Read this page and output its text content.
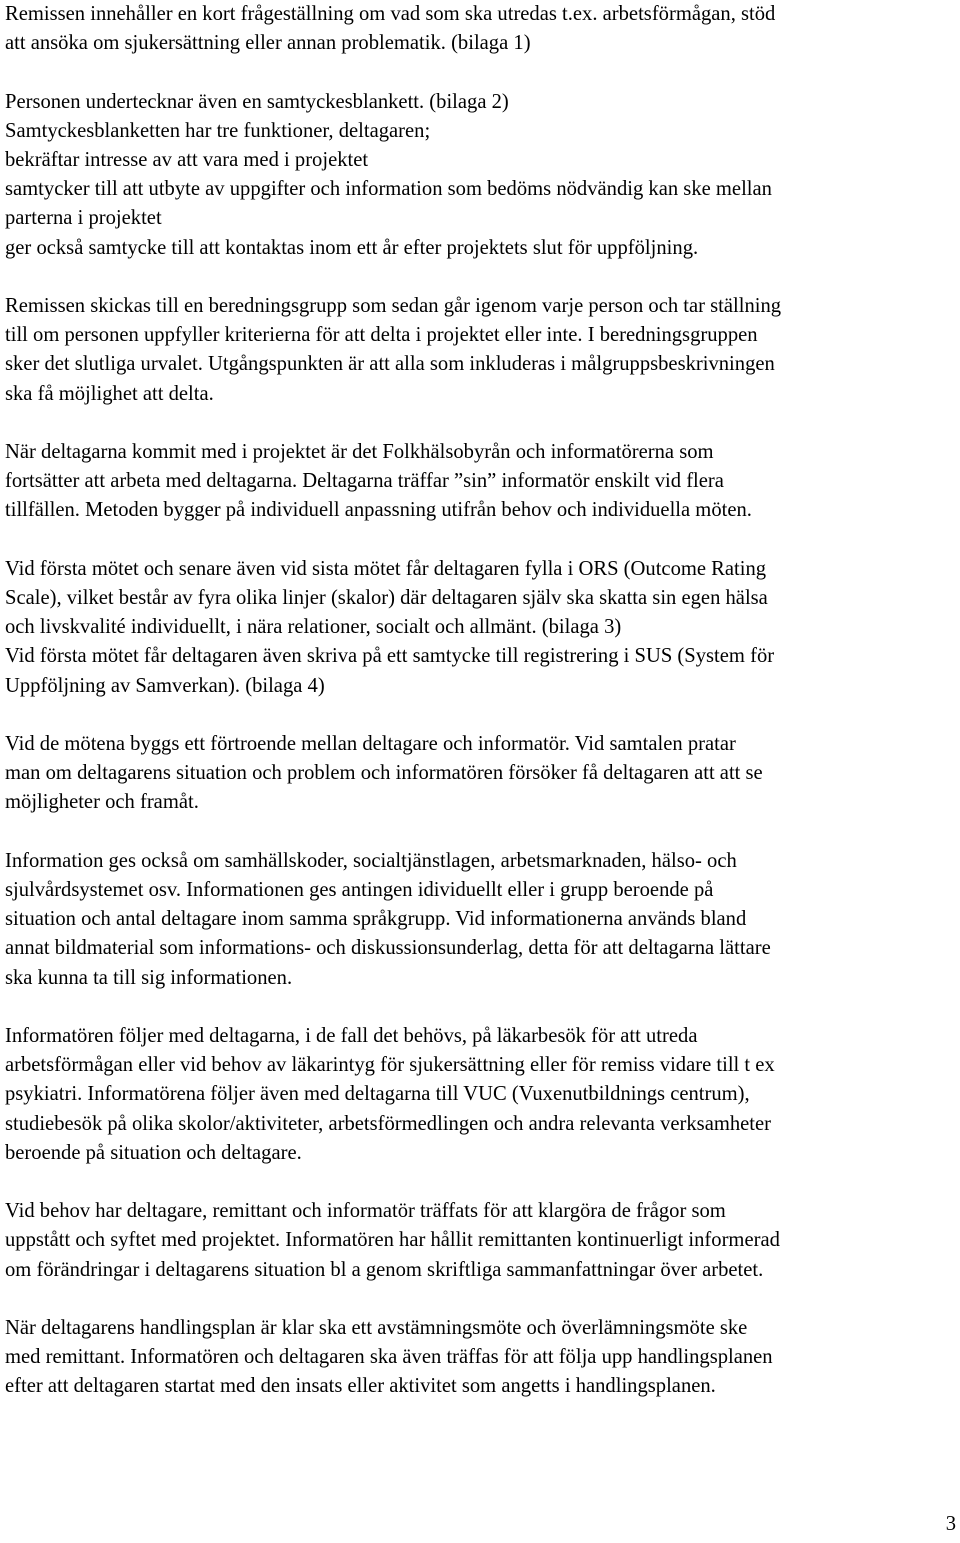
Remissen innehåller en kort frågeställning om vad som ska utredas t.ex. arbetsförmågan, stöd
att ansöka om sjukersättning eller annan problematik. (bilaga 1)
Personen undertecknar även en samtyckesblankett. (bilaga 2)
Samtyckesblanketten har tre funktioner, deltagaren;
bekräftar intresse av att vara med i projektet
samtycker till att utbyte av uppgifter och information som bedöms nödvändig kan ske mellan
parterna i projektet
ger också samtycke till att kontaktas inom ett år efter projektets slut för uppföljning.
Remissen skickas till en beredningsgrupp som sedan går igenom varje person och tar ställning
till om personen uppfyller kriterierna för att delta i projektet eller inte. I beredningsgruppen
sker det slutliga urvalet. Utgångspunkten är att alla som inkluderas i målgruppsbeskrivningen
ska få möjlighet att delta.
När deltagarna kommit med i projektet är det Folkhälsobyrån och informatörerna som
fortsätter att arbeta med deltagarna. Deltagarna träffar ”sin” informatör enskilt vid flera
tillfällen. Metoden bygger på individuell anpassning utifrån behov och individuella möten.
Vid första mötet och senare även vid sista mötet får deltagaren fylla i ORS (Outcome Rating
Scale), vilket består av fyra olika linjer (skalor) där deltagaren själv ska skatta sin egen hälsa
och livskvalité individuellt, i nära relationer, socialt och allmänt. (bilaga 3)
Vid första mötet får deltagaren även skriva på ett samtycke till registrering i SUS (System för
Uppföljning av Samverkan). (bilaga 4)
Vid de mötena byggs ett förtroende mellan deltagare och informatör. Vid samtalen pratar
man om deltagarens situation och problem och informatören försöker få deltagaren att att se
möjligheter och framåt.
Information ges också om samhällskoder, socialtjänstlagen, arbetsmarknaden, hälso- och
sjulvårdsystemet osv. Informationen ges antingen idividuellt eller i grupp beroende på
situation och antal deltagare inom samma språkgrupp. Vid informationerna används bland
annat bildmaterial som informations- och diskussionsunderlag, detta för att deltagarna lättare
ska kunna ta till sig informationen.
Informatören följer med deltagarna, i de fall det behövs, på läkarbesök för att utreda
arbetsförmågan eller vid behov av läkarintyg för sjukersättning eller för remiss vidare till t ex
psykiatri. Informatörena följer även med deltagarna till VUC (Vuxenutbildnings centrum),
studiebesök på olika skolor/aktiviteter, arbetsförmedlingen och andra relevanta verksamheter
beroende på situation och deltagare.
Vid behov har deltagare, remittant och informatör träffats för att klargöra de frågor som
uppstått och syftet med projektet. Informatören har hållit remittanten kontinuerligt informerad
om förändringar i deltagarens situation bl a genom skriftliga sammanfattningar över arbetet.
När deltagarens handlingsplan är klar ska ett avstämningsmöte och överlämningsmöte ske
med remittant. Informatören och deltagaren ska även träffas för att följa upp handlingsplanen
efter att deltagaren startat med den insats eller aktivitet som angetts i handlingsplanen.
3
